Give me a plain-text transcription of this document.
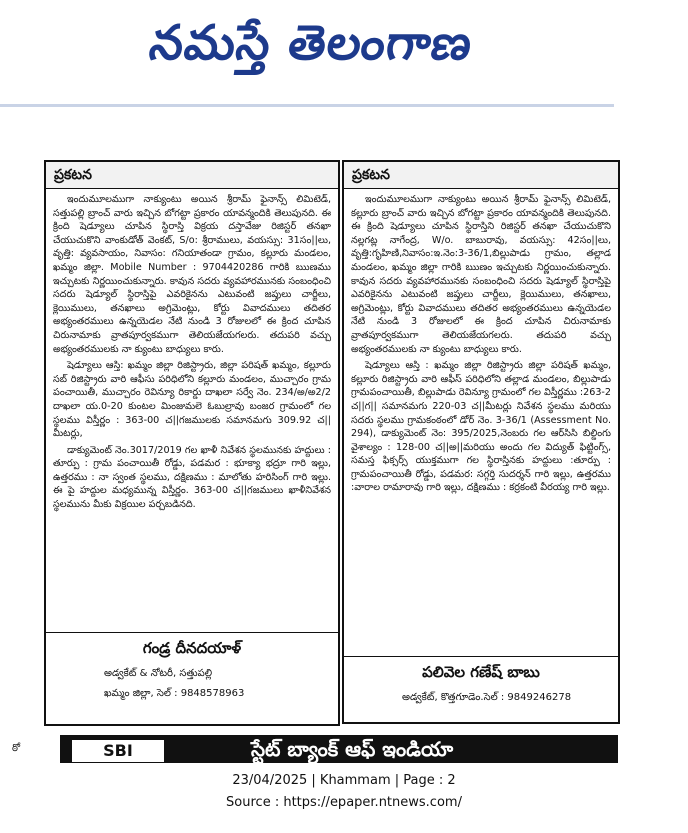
నమస్తే తెలంగాణ
ప్రకటన

ఇందుమూలముగా నాక్యుంటు అయిన శ్రీరామ్ ఫైనాన్స్ లిమిటెడ్, సత్తుపల్లి బ్రాంచ్ వారు ఇచ్చిన బోగట్టా ప్రకారం యావన్మందికి తెలుపునది. ఈ క్రింది షెడ్యూలు చూపిన స్థిరాస్తి విక్రయ దస్తావేజు రిజిస్టర్ తనఖా చేయుచుకొని వాంకుడోత్ వెంకట్, S/o: శ్రీరాములు, వయస్సు: 31సం||లు, వృత్తి: వ్యవసాయం, నివాసం: గనియాతండా గ్రామం, కల్లూరు మండలం, ఖమ్మం జిల్లా. Mobile Number : 9704420286 గారికి ఋణము ఇచ్చుటకు నిర్ణయించుకున్నారు. కావున సదరు వ్యవహారమునకు సంబంధించి సదరు షెడ్యూల్ స్థిరాస్తిపై ఎవరికైనను ఎటువంటి జప్తులు చార్జీలు, క్లెయిములు, తనఖాలు అగ్రిమెంట్లు, కోర్టు వివాదములు తదితర అభ్యంతరములు ఉన్నయెడల నేటి నుండి 3 రోజులలో ఈ క్రింద చూపిన చిరునామాకు వ్రాతపూర్వకముగా తెలియజేయగలరు. తదుపరి వచ్చు అభ్యంతరములకు నా క్యుంటు బాధ్యులు కారు.

షెడ్యూలు ఆస్తి: ఖమ్మం జిల్లా రిజిస్ట్రారు, జిల్లా పరిషత్ ఖమ్మం, కల్లూరు సబ్ రిజిస్ట్రారు వారి ఆఫీసు పరిధిలోని కల్లూరు మండలం, ముచ్చారం గ్రామ పంచాయితీ, ముచ్చారం రెవిన్యూ రికార్డు దాఖలా సర్వే నెం. 234/అ/అ2/2 దాఖలా య.0-20 కుంటల మింజుమలె ఓబుల్రావు బంజర గ్రామంలో గల స్థలము విస్తీర్ణం : 363-00 చ||గజములకు సమానమగు 309.92 చ||మీటర్లు,

డాక్యుమెంట్ నెం.3017/2019 గల ఖాళీ నివేశన స్థలమునకు హద్దులు : తూర్పు : గ్రామ పంచాయితీ రోడ్డు, పడమర : భూక్యా భద్రూ గారి ఇల్లు, ఉత్తరము : నా స్వంత స్థలము, దక్షిణము : మాలోతు హరిసింగ్ గారి ఇల్లు. ఈ పై హద్దుల మధ్యమున్న విస్తీర్ణం. 363-00 చ||గజములు ఖాళీనివేశన స్థలమును మీకు విక్రయిల పర్చబడినది.

గండ్ర దీనదయాళ్
అడ్వకేట్ & నోటరీ, సత్తుపల్లి
ఖమ్మం జిల్లా, సెల్ : 9848578963
ప్రకటన

ఇందుమూలముగా నాక్యుంటు అయిన శ్రీరామ్ ఫైనాన్స్ లిమిటెడ్, కల్లూరు బ్రాంచ్ వారు ఇచ్చిన బోగట్టా ప్రకారం యావన్మందికి తెలుపునది. ఈ క్రింది షెడ్యూలు చూపిన స్థిరాస్తిని రిజిస్టర్ తనఖా చేయుచుకొని నల్లగట్ల నాగేంద్ర, W/o. బాబురావు, వయస్సు: 42సం||లు, వృత్తి:గృహిణి,నివాసం:ఇ.నెం:3-36/1,బిల్లుపాడు గ్రామం, తల్లాడ మండలం, ఖమ్మం జిల్లా గారికి ఋణం ఇచ్చుటకు నిర్ణయించుకున్నారు. కావున సదరు వ్యవహారమునకు సంబంధించి సదరు షెడ్యూల్ స్థిరాస్తిపై ఎవరికైనను ఎటువంటి జప్తులు చార్జీలు, క్లెయిములు, తనఖాలు, అగ్రిమెంట్లు, కోర్టు వివాదములు తదితర అభ్యంతరములు ఉన్నయెడల నేటి నుండి 3 రోజులలో ఈ క్రింద చూపిన చిరునామాకు వ్రాతపూర్వకముగా తెలియజేయగలరు. తదుపరి వచ్చు అభ్యంతరములకు నా క్యుంటు బాధ్యులు కారు.

షెడ్యూలు ఆస్తి : ఖమ్మం జిల్లా రిజిస్ట్రారు జిల్లా పరిషత్ ఖమ్మం, కల్లూరు రిజిస్ట్రారు వారి ఆఫీస్ పరిధిలోని తల్లాడ మండలం, బిల్లుపాడు గ్రామపంచాయితీ, బిల్లుపాడు రెవిన్యూ గ్రామంలో గల విస్తీర్ణము :263-2 చ||గ|| సమానమగు 220-03 చ||మీటర్లు నివేశన స్థలము మరియు సదరు స్థలము గ్రామకంఠంలో డోర్ నెం. 3-36/1 (Assessment No. 294), డాక్యుమెంట్ నెం: 395/2025,నెంబరు గల ఆర్‌సిసి బిల్డింగు వైశాల్యం : 128-00 చ||అ||మరియు అందు గల విద్యుత్ ఫిట్టింగ్స్, సమస్త ఫిక్సర్స్ యుక్తముగా గల స్థిరాస్తినకు హద్దులు :తూర్పు : గ్రామపంచాయితీ రోడ్డు, పడమర: సగ్గర్తి సుదర్శన్ గారి ఇల్లు, ఉత్తరము :వారాల రామారావు గారి ఇల్లు, దక్షిణము : కర్రకంటి వీరయ్య గారి ఇల్లు.

పలివెల గణేష్ బాబు
అడ్వకేట్, కొత్తగూడెం.సెల్ : 9849246278
ఠో	SBI	స్టేట్ బ్యాంక్ ఆఫ్ ఇండియా
23/04/2025 | Khammam | Page : 2
Source : https://epaper.ntnews.com/
